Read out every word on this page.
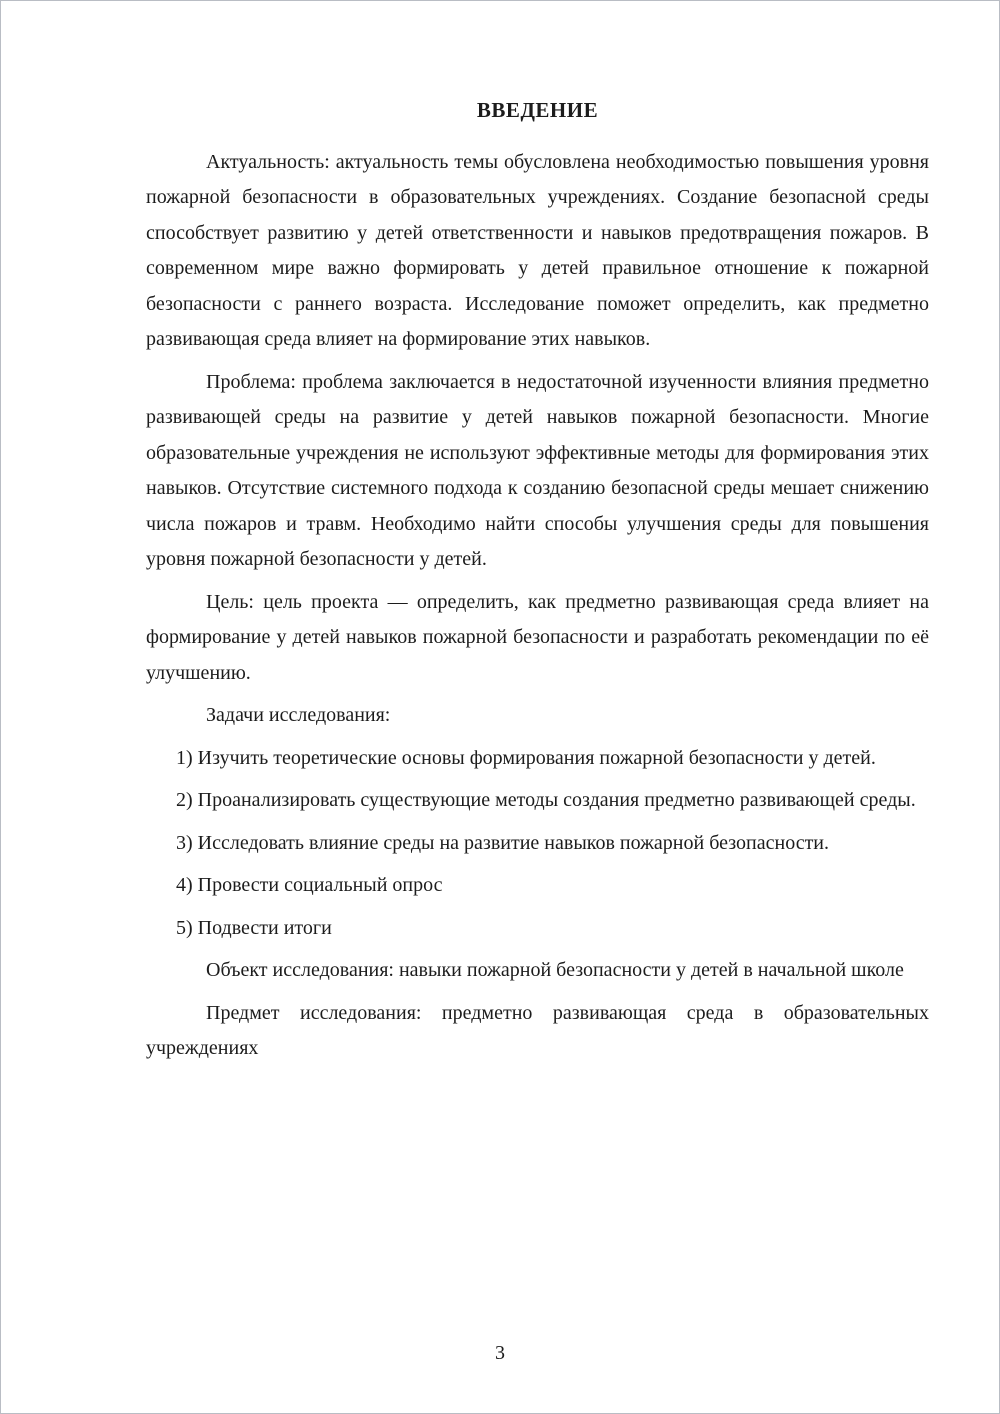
ВВЕДЕНИЕ

Актуальность: актуальность темы обусловлена необходимостью повышения уровня пожарной безопасности в образовательных учреждениях. Создание безопасной среды способствует развитию у детей ответственности и навыков предотвращения пожаров. В современном мире важно формировать у детей правильное отношение к пожарной безопасности с раннего возраста. Исследование поможет определить, как предметно развивающая среда влияет на формирование этих навыков.

Проблема: проблема заключается в недостаточной изученности влияния предметно развивающей среды на развитие у детей навыков пожарной безопасности. Многие образовательные учреждения не используют эффективные методы для формирования этих навыков. Отсутствие системного подхода к созданию безопасной среды мешает снижению числа пожаров и травм. Необходимо найти способы улучшения среды для повышения уровня пожарной безопасности у детей.

Цель: цель проекта — определить, как предметно развивающая среда влияет на формирование у детей навыков пожарной безопасности и разработать рекомендации по её улучшению.

Задачи исследования:

1) Изучить теоретические основы формирования пожарной безопасности у детей.

2) Проанализировать существующие методы создания предметно развивающей среды.

3) Исследовать влияние среды на развитие навыков пожарной безопасности.

4) Провести социальный опрос

5) Подвести итоги

Объект исследования: навыки пожарной безопасности у детей в начальной школе

Предмет исследования: предметно развивающая среда в образовательных учреждениях

3
